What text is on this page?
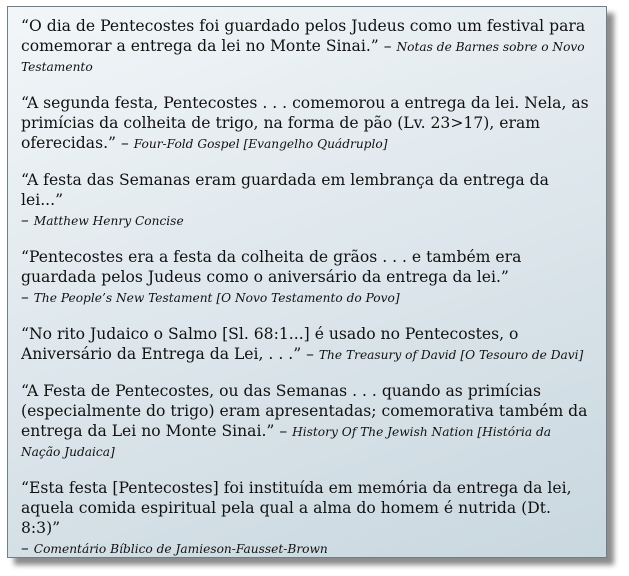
“O dia de Pentecostes foi guardado pelos Judeus como um festival para comemorar a entrega da lei no Monte Sinai.” – Notas de Barnes sobre o Novo Testamento

“A segunda festa, Pentecostes . . . comemorou a entrega da lei. Nela, as primícias da colheita de trigo, na forma de pão (Lv. 23>17), eram oferecidas.” – Four-Fold Gospel [Evangelho Quádruplo]

“A festa das Semanas eram guardada em lembrança da entrega da lei...”
– Matthew Henry Concise

“Pentecostes era a festa da colheita de grãos . . . e também era guardada pelos Judeus como o aniversário da entrega da lei.”
– The People’s New Testament [O Novo Testamento do Povo]

“No rito Judaico o Salmo [Sl. 68:1...] é usado no Pentecostes, o Aniversário da Entrega da Lei, . . .” – The Treasury of David [O Tesouro de Davi]

“A Festa de Pentecostes, ou das Semanas . . . quando as primícias (especialmente do trigo) eram apresentadas; comemorativa também da entrega da Lei no Monte Sinai.” – History Of The Jewish Nation [História da Nação Judaica]

“Esta festa [Pentecostes] foi instituída em memória da entrega da lei, aquela comida espiritual pela qual a alma do homem é nutrida (Dt. 8:3)”
– Comentário Bíblico de Jamieson-Fausset-Brown
